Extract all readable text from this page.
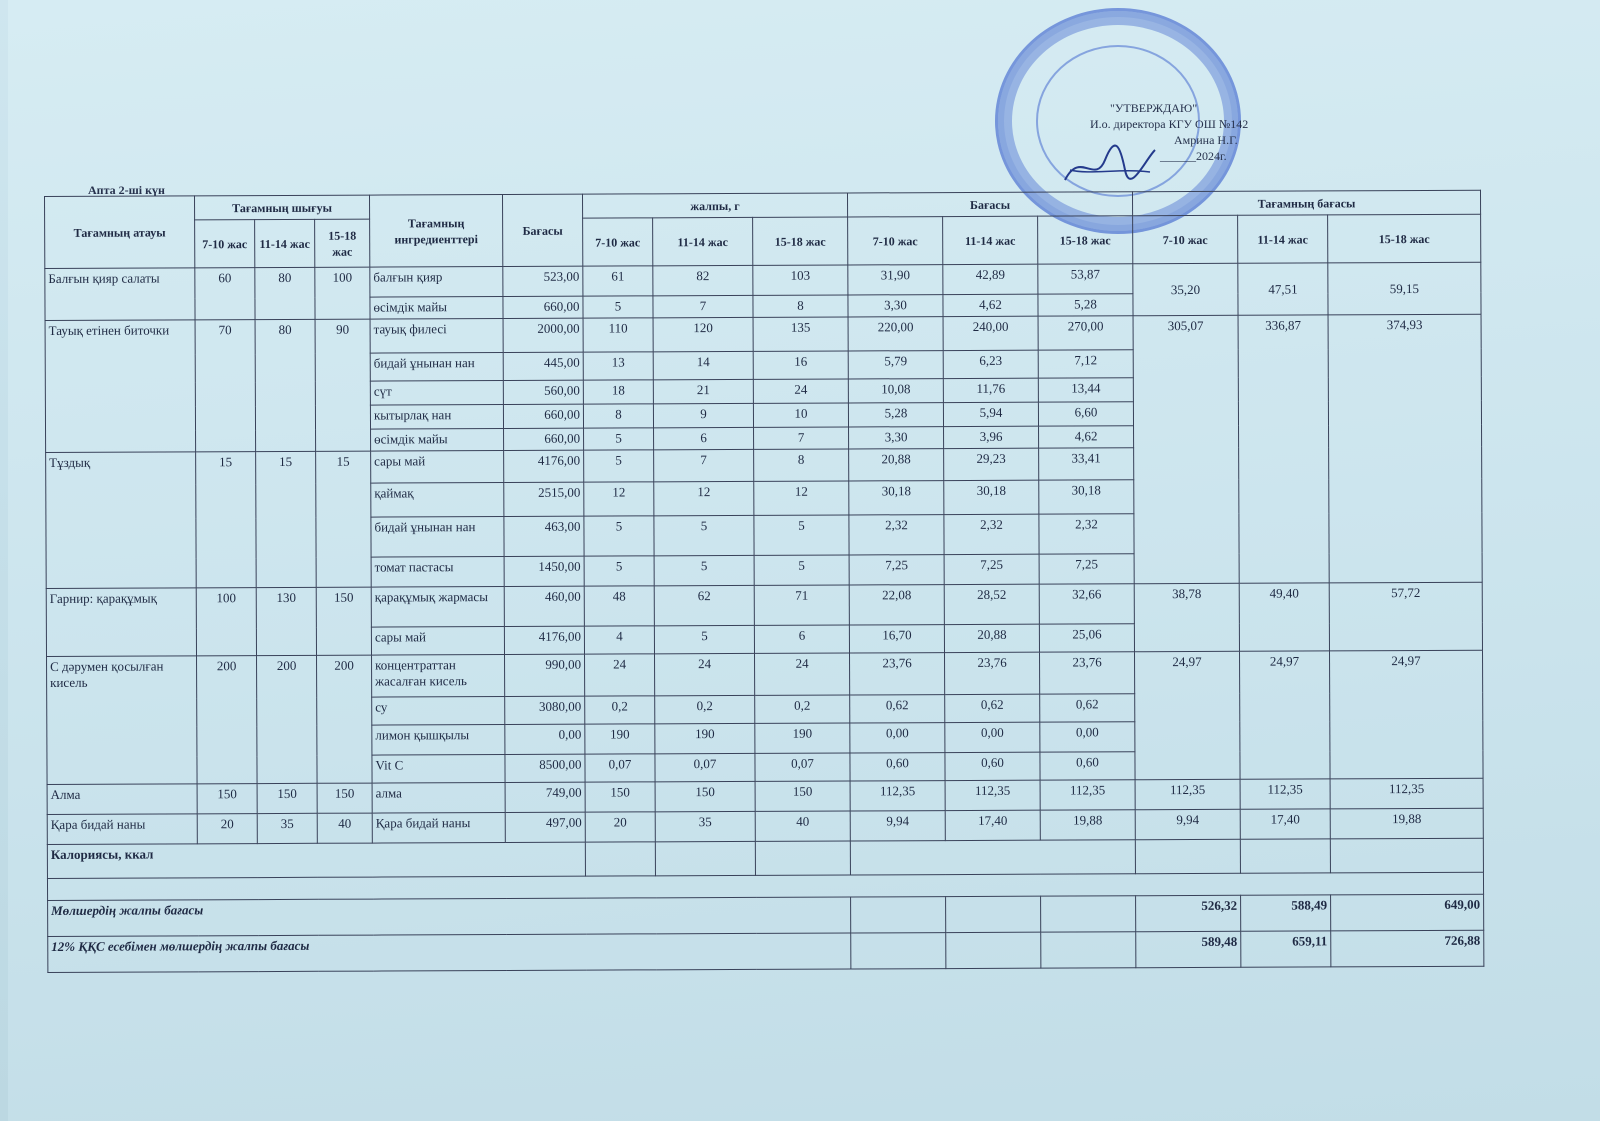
"УТВЕРЖДАЮ"
И.о. директора КГУ ОШ №142
Амрина Н.Г.
______2024г.
Апта 2-ші күн
Тағамның атауы	Тағамның шығуы			Тағамның ингредиенттері	Бағасы	жалпы, г			Бағасы			Тағамның бағасы		
	7-10 жас	11-14 жас	15-18 жас			7-10 жас	11-14 жас	15-18 жас	7-10 жас	11-14 жас	15-18 жас	7-10 жас	11-14 жас	15-18 жас
Балғын қияр салаты	60	80	100	балғын қияр	523,00	61	82	103	31,90	42,89	53,87	35,20	47,51	59,15
				өсімдік майы	660,00	5	7	8	3,30	4,62	5,28			
Тауық етінен биточки	70	80	90	тауық филесі	2000,00	110	120	135	220,00	240,00	270,00	305,07	336,87	374,93
				бидай ұнынан нан	445,00	13	14	16	5,79	6,23	7,12			
				сүт	560,00	18	21	24	10,08	11,76	13,44			
				кытырлақ нан	660,00	8	9	10	5,28	5,94	6,60			
				өсімдік майы	660,00	5	6	7	3,30	3,96	4,62			
Тұздық	15	15	15	сары май	4176,00	5	7	8	20,88	29,23	33,41			
				қаймақ	2515,00	12	12	12	30,18	30,18	30,18			
				бидай ұнынан нан	463,00	5	5	5	2,32	2,32	2,32			
				томат пастасы	1450,00	5	5	5	7,25	7,25	7,25			
Гарнир: қарақұмық	100	130	150	қарақұмық жармасы	460,00	48	62	71	22,08	28,52	32,66	38,78	49,40	57,72
				сары май	4176,00	4	5	6	16,70	20,88	25,06			
С дәрумен қосылған кисель	200	200	200	концентраттан жасалған кисель	990,00	24	24	24	23,76	23,76	23,76	24,97	24,97	24,97
				су	3080,00	0,2	0,2	0,2	0,62	0,62	0,62			
				лимон қышқылы	0,00	190	190	190	0,00	0,00	0,00			
				Vit C	8500,00	0,07	0,07	0,07	0,60	0,60	0,60			
Алма	150	150	150	алма	749,00	150	150	150	112,35	112,35	112,35	112,35	112,35	112,35
Қара бидай наны	20	35	40	Қара бидай наны	497,00	20	35	40	9,94	17,40	19,88	9,94	17,40	19,88
Калориясы, ккал														

Мөлшердің жалпы бағасы												526,32	588,49	649,00
12% ҚҚС есебімен мөлшердің жалпы бағасы												589,48	659,11	726,88
